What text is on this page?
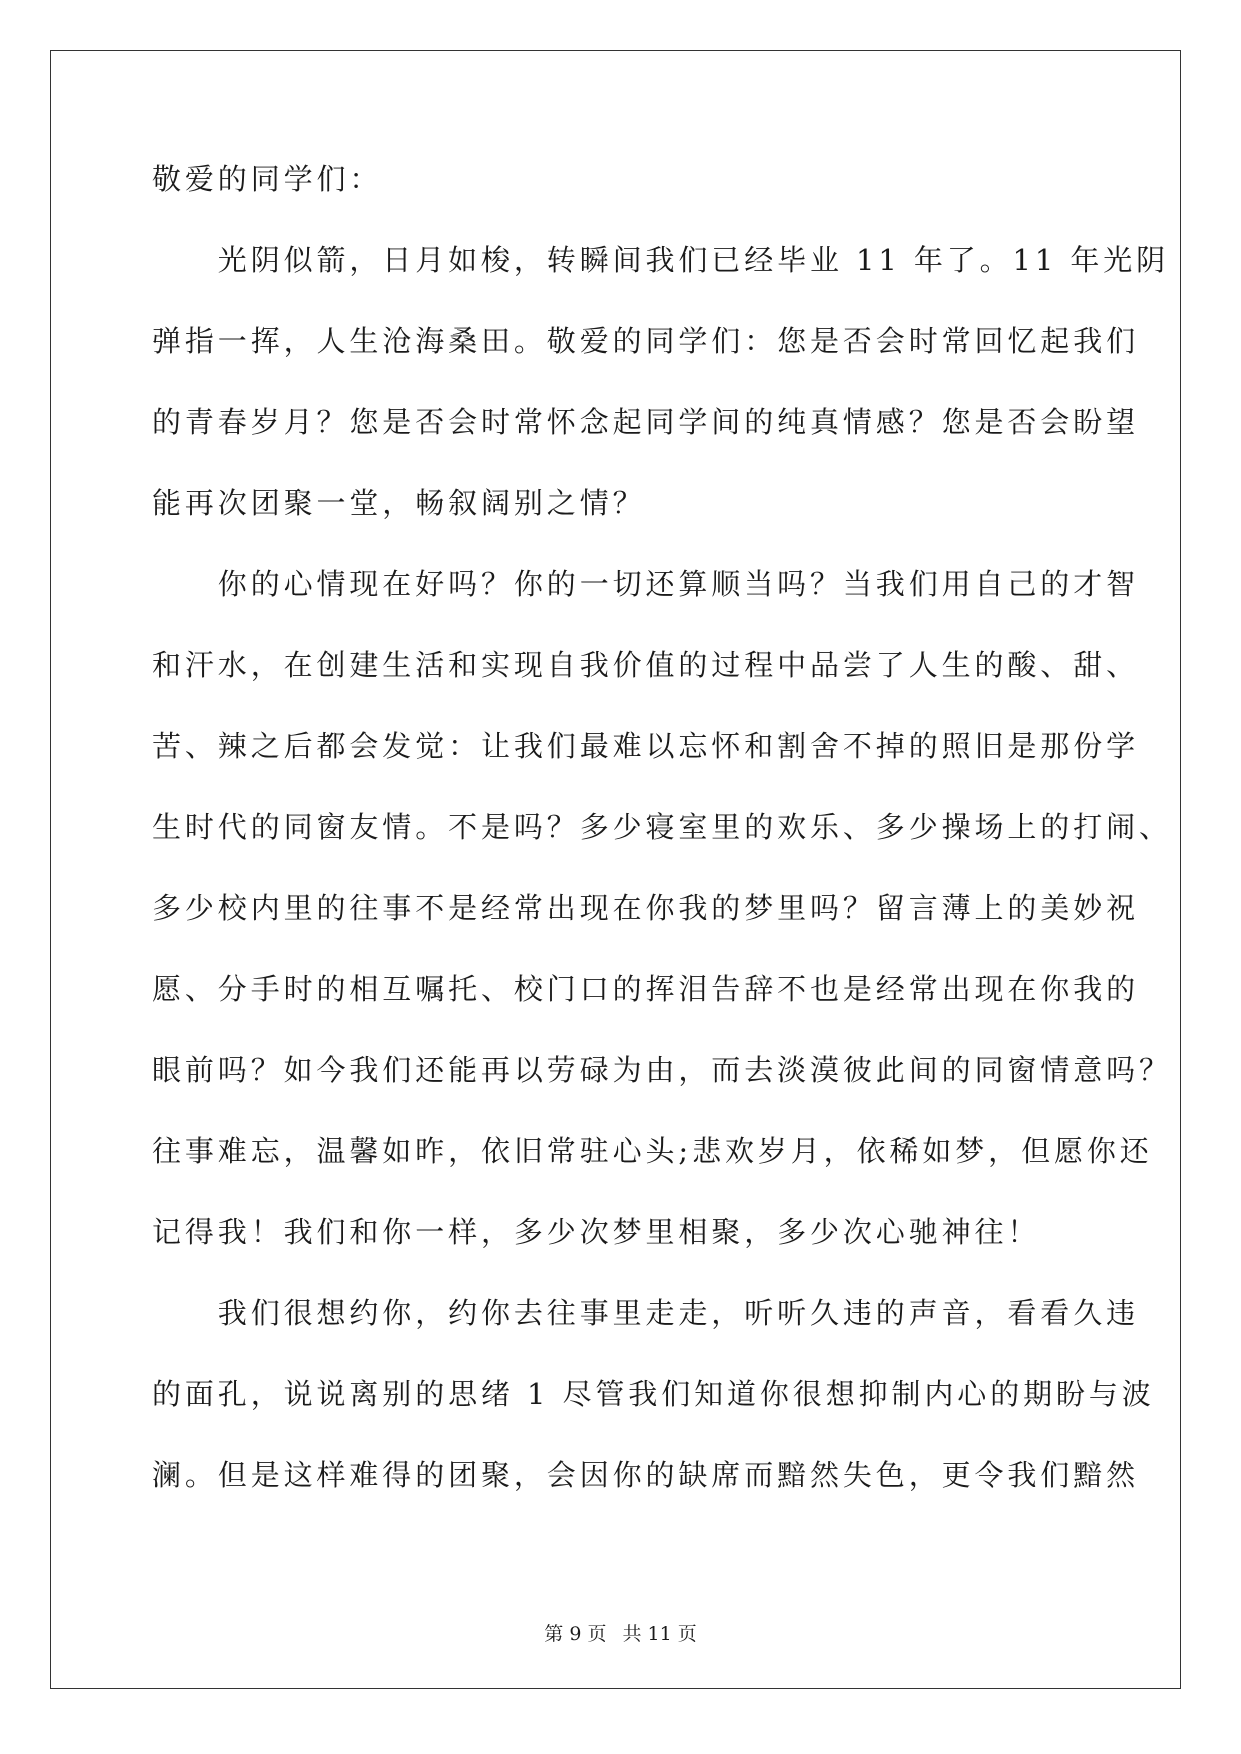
敬爱的同学们：
　　光阴似箭，日月如梭，转瞬间我们已经毕业 11 年了。11 年光阴
弹指一挥，人生沧海桑田。敬爱的同学们：您是否会时常回忆起我们
的青春岁月？您是否会时常怀念起同学间的纯真情感？您是否会盼望
能再次团聚一堂，畅叙阔别之情？
　　你的心情现在好吗？你的一切还算顺当吗？当我们用自己的才智
和汗水，在创建生活和实现自我价值的过程中品尝了人生的酸、甜、
苦、辣之后都会发觉：让我们最难以忘怀和割舍不掉的照旧是那份学
生时代的同窗友情。不是吗？多少寝室里的欢乐、多少操场上的打闹、
多少校内里的往事不是经常出现在你我的梦里吗？留言薄上的美妙祝
愿、分手时的相互嘱托、校门口的挥泪告辞不也是经常出现在你我的
眼前吗？如今我们还能再以劳碌为由，而去淡漠彼此间的同窗情意吗？
往事难忘，温馨如昨，依旧常驻心头;悲欢岁月，依稀如梦，但愿你还
记得我！我们和你一样，多少次梦里相聚，多少次心驰神往！
　　我们很想约你，约你去往事里走走，听听久违的声音，看看久违
的面孔，说说离别的思绪 1 尽管我们知道你很想抑制内心的期盼与波
澜。但是这样难得的团聚，会因你的缺席而黯然失色，更令我们黯然
第 9 页 共 11 页
